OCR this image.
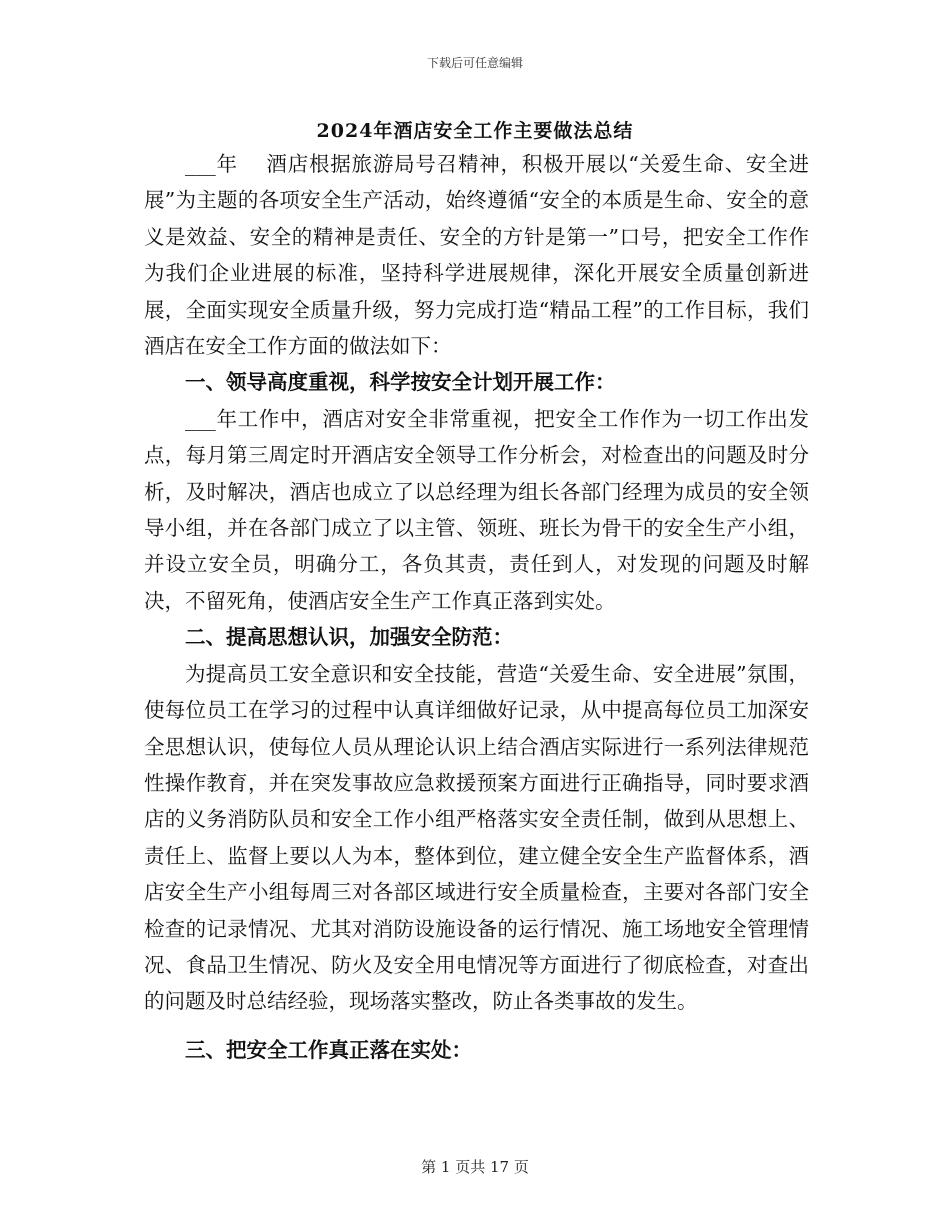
下载后可任意编辑
2024年酒店安全工作主要做法总结

___年　 酒店根据旅游局号召精神，积极开展以“关爱生命、安全进展”为主题的各项安全生产活动，始终遵循“安全的本质是生命、安全的意义是效益、安全的精神是责任、安全的方针是第一”口号，把安全工作作为我们企业进展的标准，坚持科学进展规律，深化开展安全质量创新进展，全面实现安全质量升级，努力完成打造“精品工程”的工作目标，我们酒店在安全工作方面的做法如下：

一、领导高度重视，科学按安全计划开展工作：

___年工作中，酒店对安全非常重视，把安全工作作为一切工作出发点，每月第三周定时开酒店安全领导工作分析会，对检查出的问题及时分析，及时解决，酒店也成立了以总经理为组长各部门经理为成员的安全领导小组，并在各部门成立了以主管、领班、班长为骨干的安全生产小组，并设立安全员，明确分工，各负其责，责任到人，对发现的问题及时解决，不留死角，使酒店安全生产工作真正落到实处。

二、提高思想认识，加强安全防范：

为提高员工安全意识和安全技能，营造“关爱生命、安全进展”氛围，使每位员工在学习的过程中认真详细做好记录，从中提高每位员工加深安全思想认识，使每位人员从理论认识上结合酒店实际进行一系列法律规范性操作教育，并在突发事故应急救援预案方面进行正确指导，同时要求酒店的义务消防队员和安全工作小组严格落实安全责任制，做到从思想上、责任上、监督上要以人为本，整体到位，建立健全安全生产监督体系，酒店安全生产小组每周三对各部区域进行安全质量检查，主要对各部门安全检查的记录情况、尤其对消防设施设备的运行情况、施工场地安全管理情况、食品卫生情况、防火及安全用电情况等方面进行了彻底检查，对查出的问题及时总结经验，现场落实整改，防止各类事故的发生。

三、把安全工作真正落在实处：

第 1 页共 17 页
